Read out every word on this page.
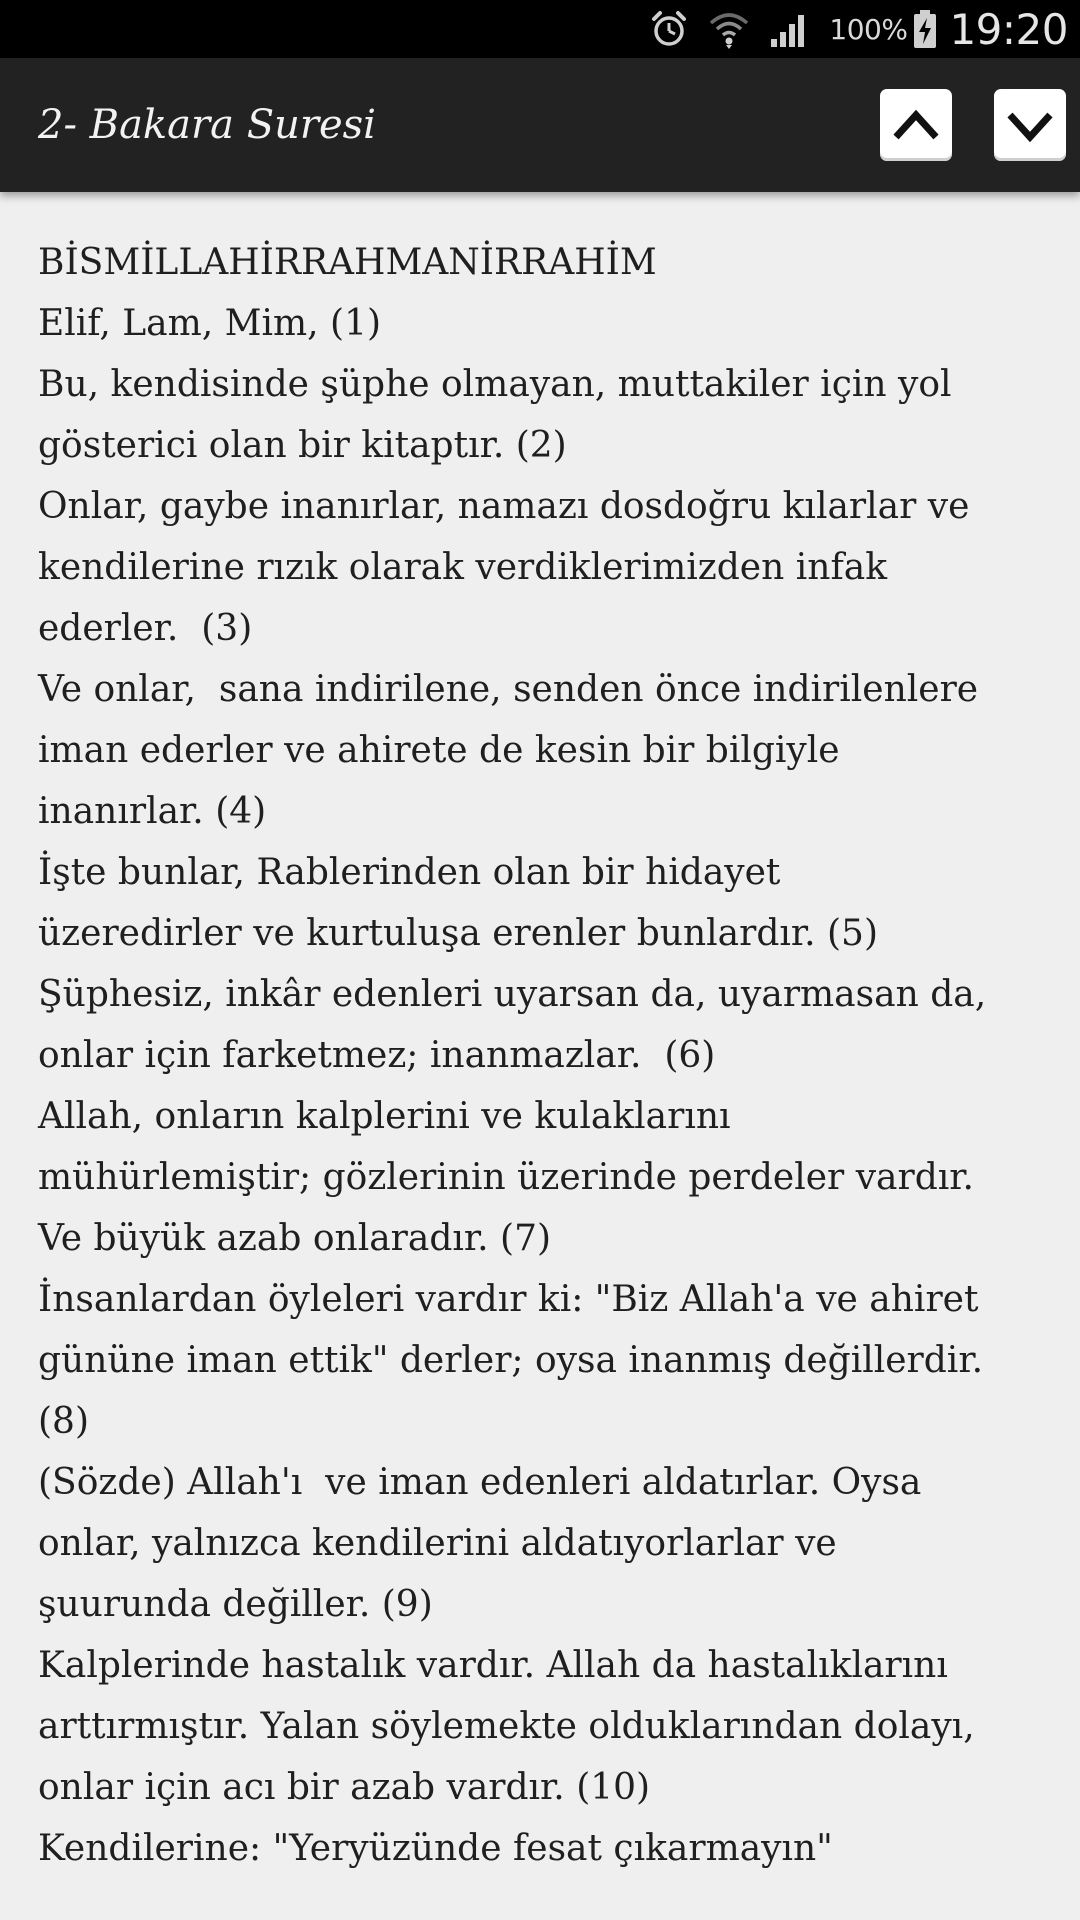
100% 19:20
2- Bakara Suresi

BİSMİLLAHİRRAHMANİRRAHİM

Elif, Lam, Mim, (1)

Bu, kendisinde şüphe olmayan, muttakiler için yol

gösterici olan bir kitaptır. (2)

Onlar, gaybe inanırlar, namazı dosdoğru kılarlar ve

kendilerine rızık olarak verdiklerimizden infak

ederler.  (3)

Ve onlar,  sana indirilene, senden önce indirilenlere

iman ederler ve ahirete de kesin bir bilgiyle

inanırlar. (4)

İşte bunlar, Rablerinden olan bir hidayet

üzeredirler ve kurtuluşa erenler bunlardır. (5)

Şüphesiz, inkâr edenleri uyarsan da, uyarmasan da,

onlar için farketmez; inanmazlar.  (6)

Allah, onların kalplerini ve kulaklarını

mühürlemiştir; gözlerinin üzerinde perdeler vardır.

Ve büyük azab onlaradır. (7)

İnsanlardan öyleleri vardır ki: "Biz Allah'a ve ahiret

gününe iman ettik" derler; oysa inanmış değillerdir.

(8)

(Sözde) Allah'ı  ve iman edenleri aldatırlar. Oysa

onlar, yalnızca kendilerini aldatıyorlarlar ve

şuurunda değiller. (9)

Kalplerinde hastalık vardır. Allah da hastalıklarını

arttırmıştır. Yalan söylemekte olduklarından dolayı,

onlar için acı bir azab vardır. (10)

Kendilerine: "Yeryüzünde fesat çıkarmayın"
